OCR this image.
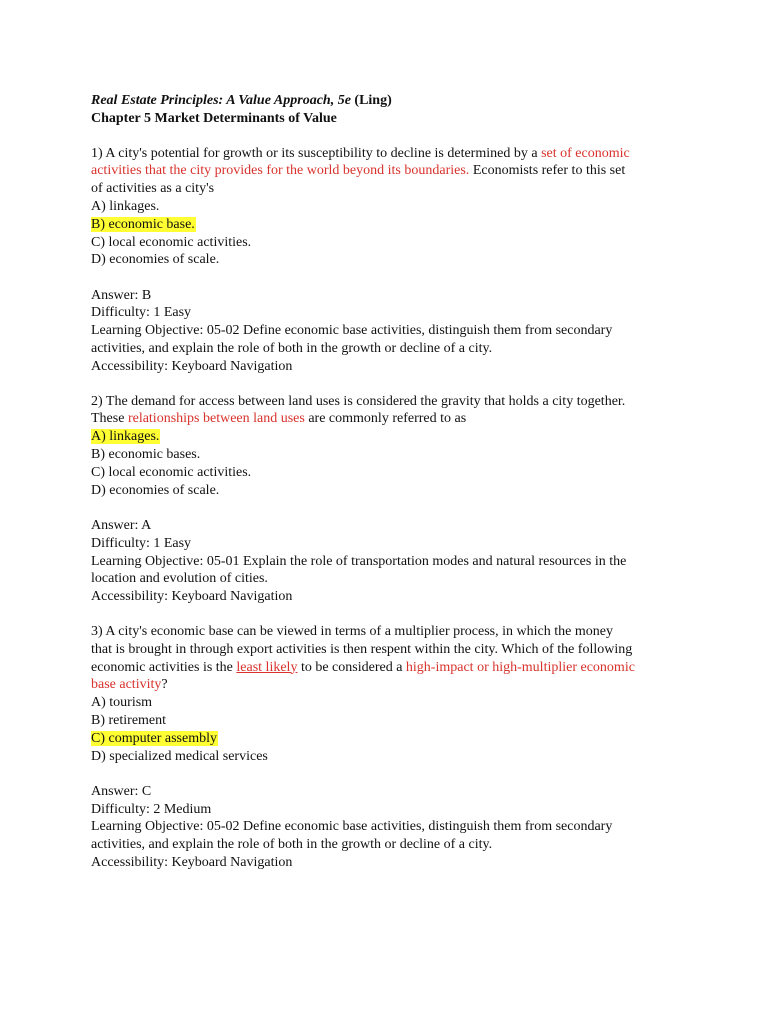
Real Estate Principles: A Value Approach, 5e (Ling)
Chapter 5 Market Determinants of Value
1) A city's potential for growth or its susceptibility to decline is determined by a set of economic
activities that the city provides for the world beyond its boundaries. Economists refer to this set
of activities as a city's
A) linkages.
B) economic base.
C) local economic activities.
D) economies of scale.
Answer: B
Difficulty: 1 Easy
Learning Objective: 05-02 Define economic base activities, distinguish them from secondary
activities, and explain the role of both in the growth or decline of a city.
Accessibility: Keyboard Navigation
2) The demand for access between land uses is considered the gravity that holds a city together.
These relationships between land uses are commonly referred to as
A) linkages.
B) economic bases.
C) local economic activities.
D) economies of scale.
Answer: A
Difficulty: 1 Easy
Learning Objective: 05-01 Explain the role of transportation modes and natural resources in the
location and evolution of cities.
Accessibility: Keyboard Navigation
3) A city's economic base can be viewed in terms of a multiplier process, in which the money
that is brought in through export activities is then respent within the city. Which of the following
economic activities is the least likely to be considered a high-impact or high-multiplier economic
base activity?
A) tourism
B) retirement
C) computer assembly
D) specialized medical services
Answer: C
Difficulty: 2 Medium
Learning Objective: 05-02 Define economic base activities, distinguish them from secondary
activities, and explain the role of both in the growth or decline of a city.
Accessibility: Keyboard Navigation
